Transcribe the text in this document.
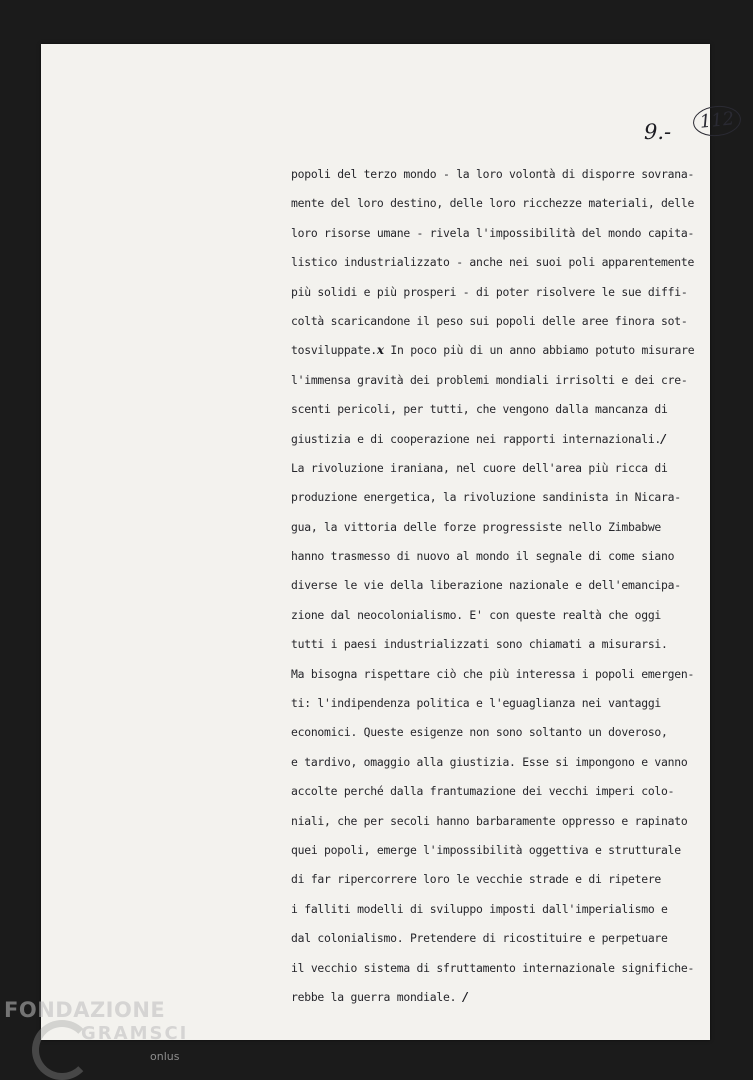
9.-	112
popoli del terzo mondo - la loro volontà di disporre sovrana-
mente del loro destino, delle loro ricchezze materiali, delle
loro risorse umane - rivela l'impossibilità del mondo capita-
listico industrializzato - anche nei suoi poli apparentemente
più solidi e più prosperi - di poter risolvere le sue diffi-
coltà scaricandone il peso sui popoli delle aree finora sot-
tosviluppate.x In poco più di un anno abbiamo potuto misurare
l'immensa gravità dei problemi mondiali irrisolti e dei cre-
scenti pericoli, per tutti, che vengono dalla mancanza di
giustizia e di cooperazione nei rapporti internazionali./
La rivoluzione iraniana, nel cuore dell'area più ricca di
produzione energetica, la rivoluzione sandinista in Nicara-
gua, la vittoria delle forze progressiste nello Zimbabwe
hanno trasmesso di nuovo al mondo il segnale di come siano
diverse le vie della liberazione nazionale e dell'emancipa-
zione dal neocolonialismo. E' con queste realtà che oggi
tutti i paesi industrializzati sono chiamati a misurarsi.
Ma bisogna rispettare ciò che più interessa i popoli emergen-
ti: l'indipendenza politica e l'eguaglianza nei vantaggi
economici. Queste esigenze non sono soltanto un doveroso,
e tardivo, omaggio alla giustizia. Esse si impongono e vanno
accolte perché dalla frantumazione dei vecchi imperi colo-
niali, che per secoli hanno barbaramente oppresso e rapinato
quei popoli, emerge l'impossibilità oggettiva e strutturale
di far ripercorrere loro le vecchie strade e di ripetere
i falliti modelli di sviluppo imposti dall'imperialismo e
dal colonialismo. Pretendere di ricostituire e perpetuare
il vecchio sistema di sfruttamento internazionale significhe-
rebbe la guerra mondiale. /
FONDAZIONE
GRAMSCI
onlus
